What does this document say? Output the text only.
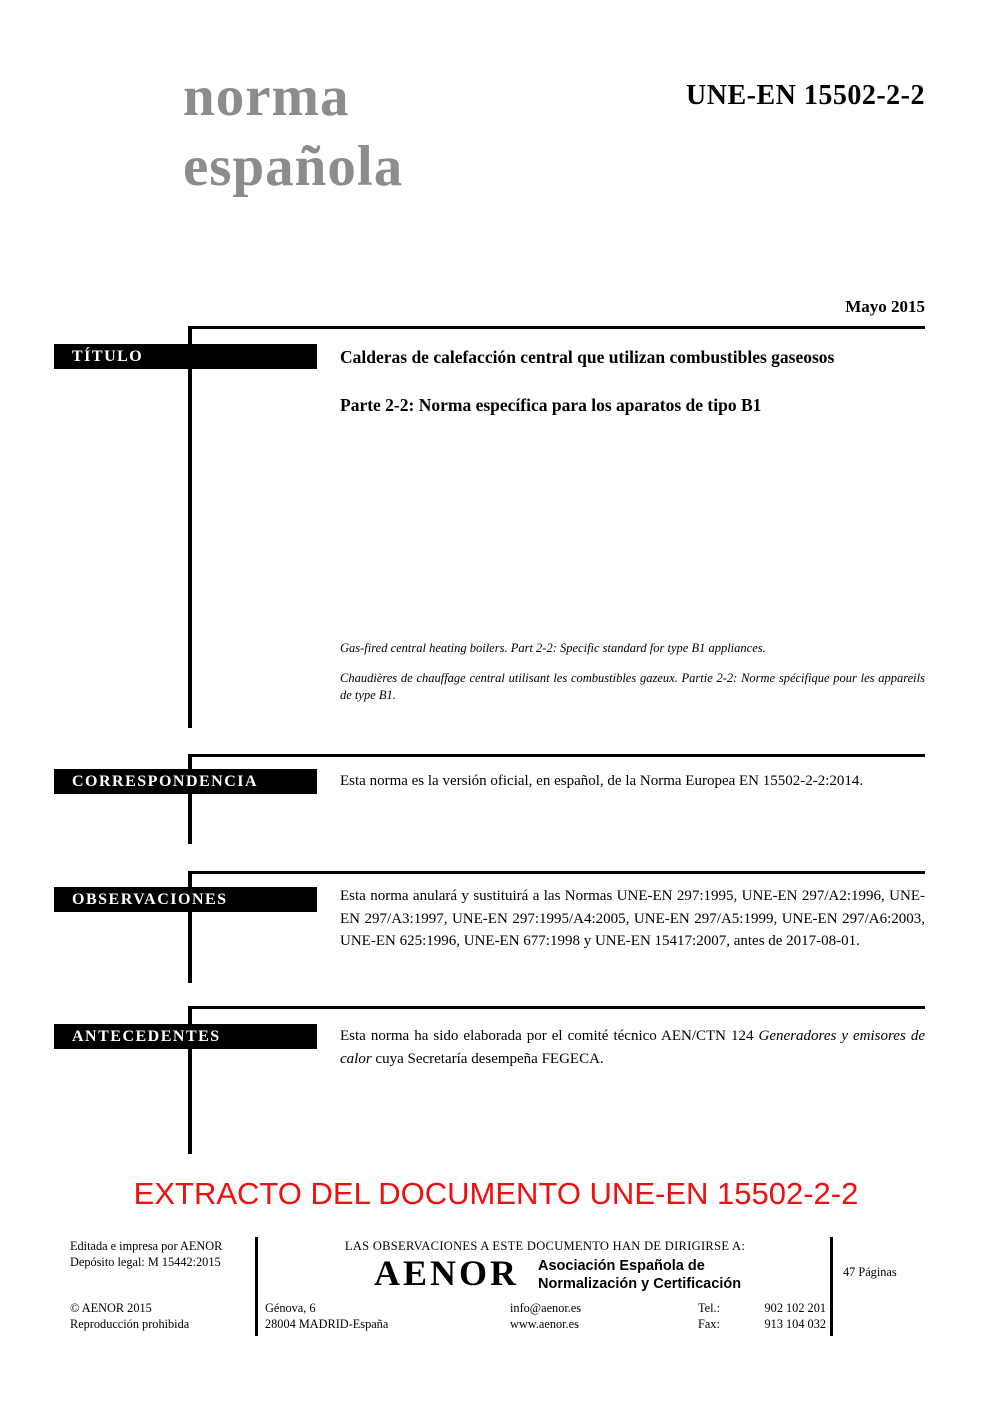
norma
española
UNE-EN 15502-2-2
Mayo 2015
TÍTULO	Calderas de calefacción central que utilizan combustibles gaseosos
Parte 2-2: Norma específica para los aparatos de tipo B1
Gas-fired central heating boilers. Part 2-2: Specific standard for type B1 appliances.
Chaudières de chauffage central utilisant les combustibles gazeux. Partie 2-2: Norme spécifique pour les appareils de type B1.
CORRESPONDENCIA	Esta norma es la versión oficial, en español, de la Norma Europea EN 15502-2-2:2014.
OBSERVACIONES	Esta norma anulará y sustituirá a las Normas UNE-EN 297:1995, UNE-EN 297/A2:1996, UNE-EN 297/A3:1997, UNE-EN 297:1995/A4:2005, UNE-EN 297/A5:1999, UNE-EN 297/A6:2003, UNE-EN 625:1996, UNE-EN 677:1998 y UNE-EN 15417:2007, antes de 2017-08-01.
ANTECEDENTES	Esta norma ha sido elaborada por el comité técnico AEN/CTN 124 Generadores y emisores de calor cuya Secretaría desempeña FEGECA.
EXTRACTO DEL DOCUMENTO UNE-EN 15502-2-2
Editada e impresa por AENOR
Depósito legal: M 15442:2015
© AENOR 2015
Reproducción prohibida
LAS OBSERVACIONES A ESTE DOCUMENTO HAN DE DIRIGIRSE A:
AENOR Asociación Española de
Normalización y Certificación
Génova, 6
28004 MADRID-España
info@aenor.es
www.aenor.es
Tel.:	902 102 201
Fax:	913 104 032
47 Páginas
